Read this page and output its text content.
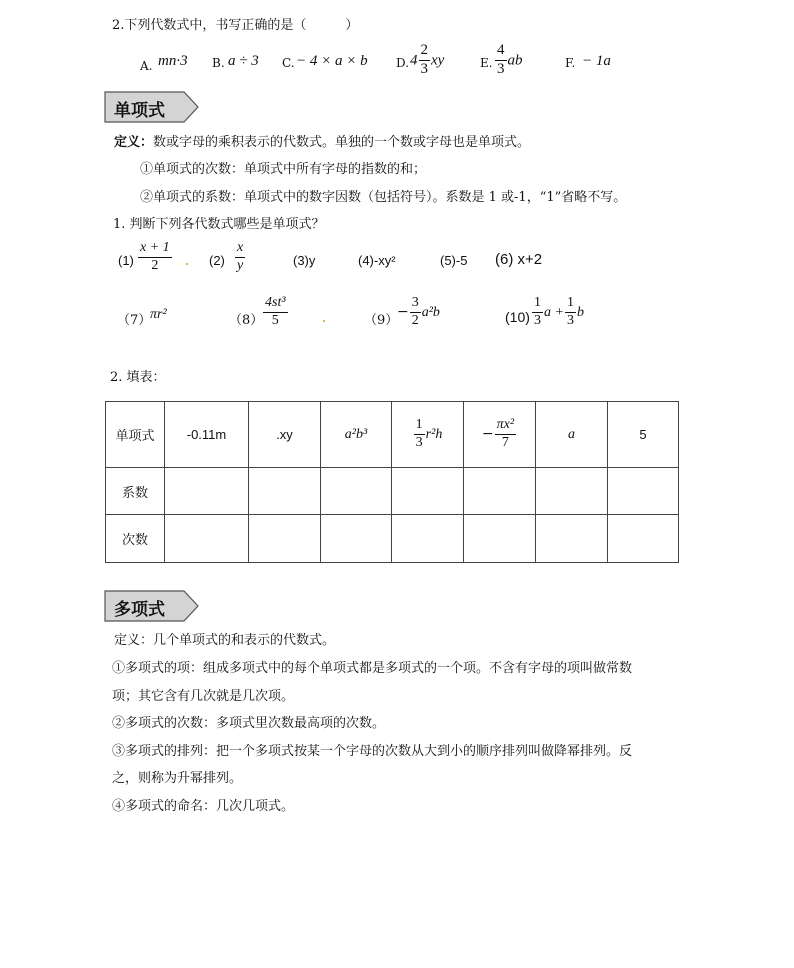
2.下列代数式中，书写正确的是（　　　）
A. mn·3 B. a ÷ 3 C. − 4 × a × b D. $4 \frac{2}{3}$ xy	E. $\frac{4}{3}$ ab	F. − 1a
单项式
定义：数或字母的乘积表示的代数式。单独的一个数或字母也是单项式。
①单项式的次数：单项式中所有字母的指数的和；
②单项式的系数：单项式中的数字因数（包括符号）。系数是 1 或-1，“1”省略不写。
1. 判断下列各代数式哪些是单项式？
$(1) \frac{x + 1}{2}$	$(2) \frac{x}{y}$	(3)y	(4)-xy²	(5)-5 (6) x+2
（7）
πr²	$(8) \frac{\text{4st³}}{5}$	（9）
− $\frac{3}{2} a^2b$	$(10) \frac{1}{3}$ $a + \frac{1}{3}$ b
2. 填表：
单项式	-0.11m	.xy	a²b³	$\frac{1}{3} r^2h$	− $\frac{\text{πx²}}{7}$	a	5
系数							
次数							
多项式
定义：几个单项式的和表示的代数式。
①多项式的项：组成多项式中的每个单项式都是多项式的一个项。不含有字母的项叫做常数
项；其它含有几次就是几次项。
②多项式的次数：多项式里次数最高项的次数。
③多项式的排列：把一个多项式按某一个字母的次数从大到小的顺序排列叫做降幂排列。反
之，则称为升幂排列。
④多项式的命名：几次几项式。
